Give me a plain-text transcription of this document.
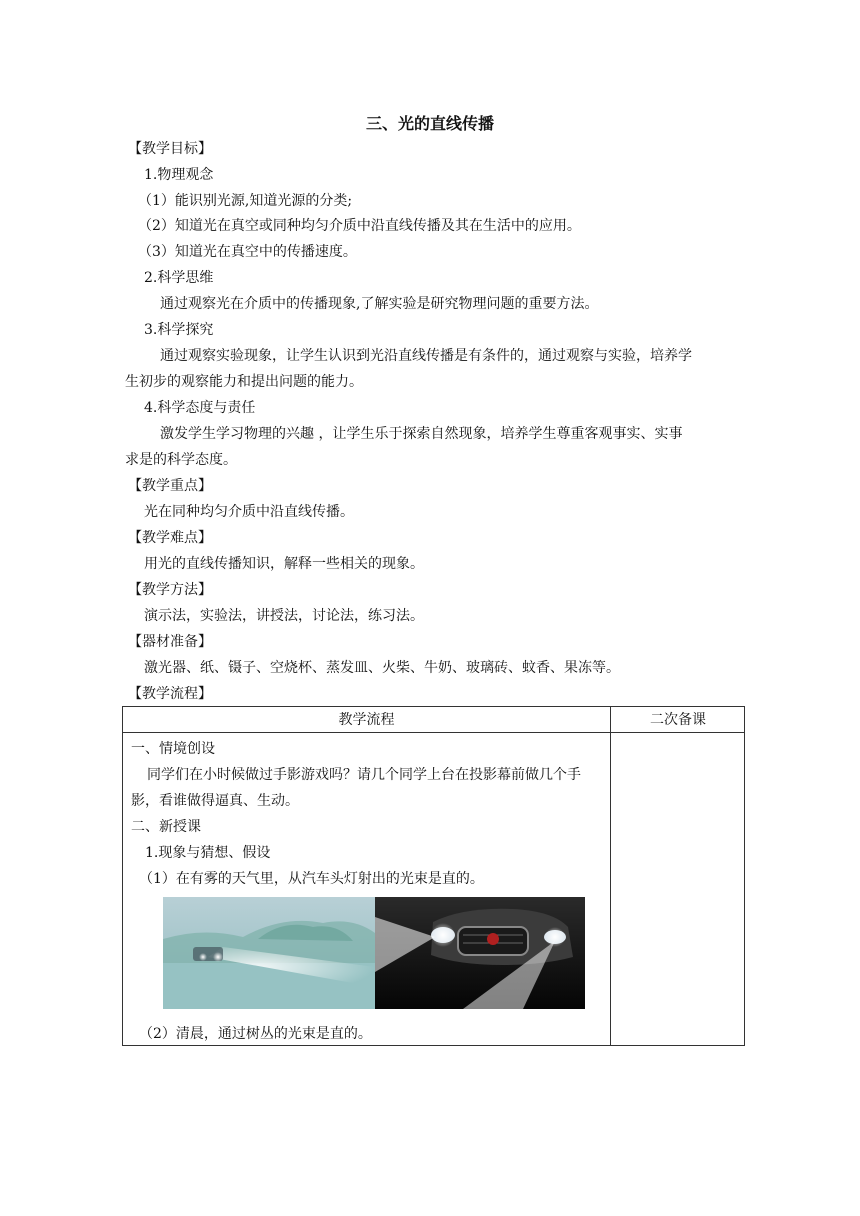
三、光的直线传播
【教学目标】
1.物理观念
（1）能识别光源,知道光源的分类;
（2）知道光在真空或同种均匀介质中沿直线传播及其在生活中的应用。
（3）知道光在真空中的传播速度。
2.科学思维
通过观察光在介质中的传播现象,了解实验是研究物理问题的重要方法。
3.科学探究
通过观察实验现象，让学生认识到光沿直线传播是有条件的，通过观察与实验，培养学
生初步的观察能力和提出问题的能力。
4.科学态度与责任
激发学生学习物理的兴趣 ，让学生乐于探索自然现象，培养学生尊重客观事实、实事
求是的科学态度。
【教学重点】
光在同种均匀介质中沿直线传播。
【教学难点】
用光的直线传播知识，解释一些相关的现象。
【教学方法】
演示法，实验法，讲授法，讨论法，练习法。
【器材准备】
激光器、纸、镊子、空烧杯、蒸发皿、火柴、牛奶、玻璃砖、蚊香、果冻等。
【教学流程】
教学流程	二次备课
一、情境创设
同学们在小时候做过手影游戏吗？请几个同学上台在投影幕前做几个手
影，看谁做得逼真、生动。
二、新授课
1.现象与猜想、假设
（1）在有雾的天气里，从汽车头灯射出的光束是直的。
（2）清晨，通过树丛的光束是直的。
